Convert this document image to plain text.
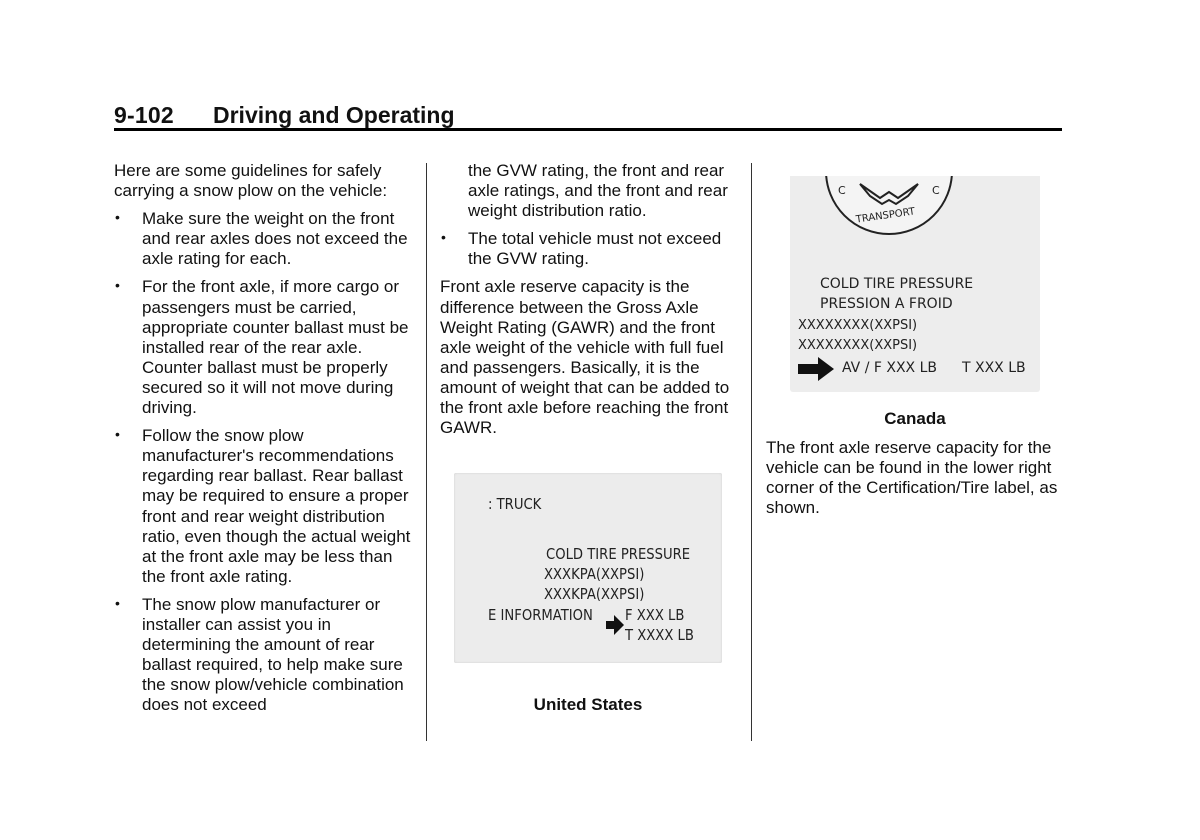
9-102 Driving and Operating

Here are some guidelines for safely carrying a snow plow on the vehicle:

• Make sure the weight on the front and rear axles does not exceed the axle rating for each.
• For the front axle, if more cargo or passengers must be carried, appropriate counter ballast must be installed rear of the rear axle. Counter ballast must be properly secured so it will not move during driving.
• Follow the snow plow manufacturer's recommendations regarding rear ballast. Rear ballast may be required to ensure a proper front and rear weight distribution ratio, even though the actual weight at the front axle may be less than the front axle rating.
• The snow plow manufacturer or installer can assist you in determining the amount of rear ballast required, to help make sure the snow plow/vehicle combination does not exceed

the GVW rating, the front and rear axle ratings, and the front and rear weight distribution ratio.

• The total vehicle must not exceed the GVW rating.

Front axle reserve capacity is the difference between the Gross Axle Weight Rating (GAWR) and the front axle weight of the vehicle with full fuel and passengers. Basically, it is the amount of weight that can be added to the front axle before reaching the front GAWR.

: TRUCK
COLD TIRE PRESSURE
XXXKPA(XXPSI)
XXXKPA(XXPSI)
E INFORMATION F XXX LB
T XXXX LB
United States
C	C
TRANSPORT
COLD TIRE PRESSURE
PRESSION A FROID
XXXXXXXX(XXPSI)
XXXXXXXX(XXPSI)
AV / F XXX LB T XXX LB
Canada

The front axle reserve capacity for the vehicle can be found in the lower right corner of the Certification/Tire label, as shown.
